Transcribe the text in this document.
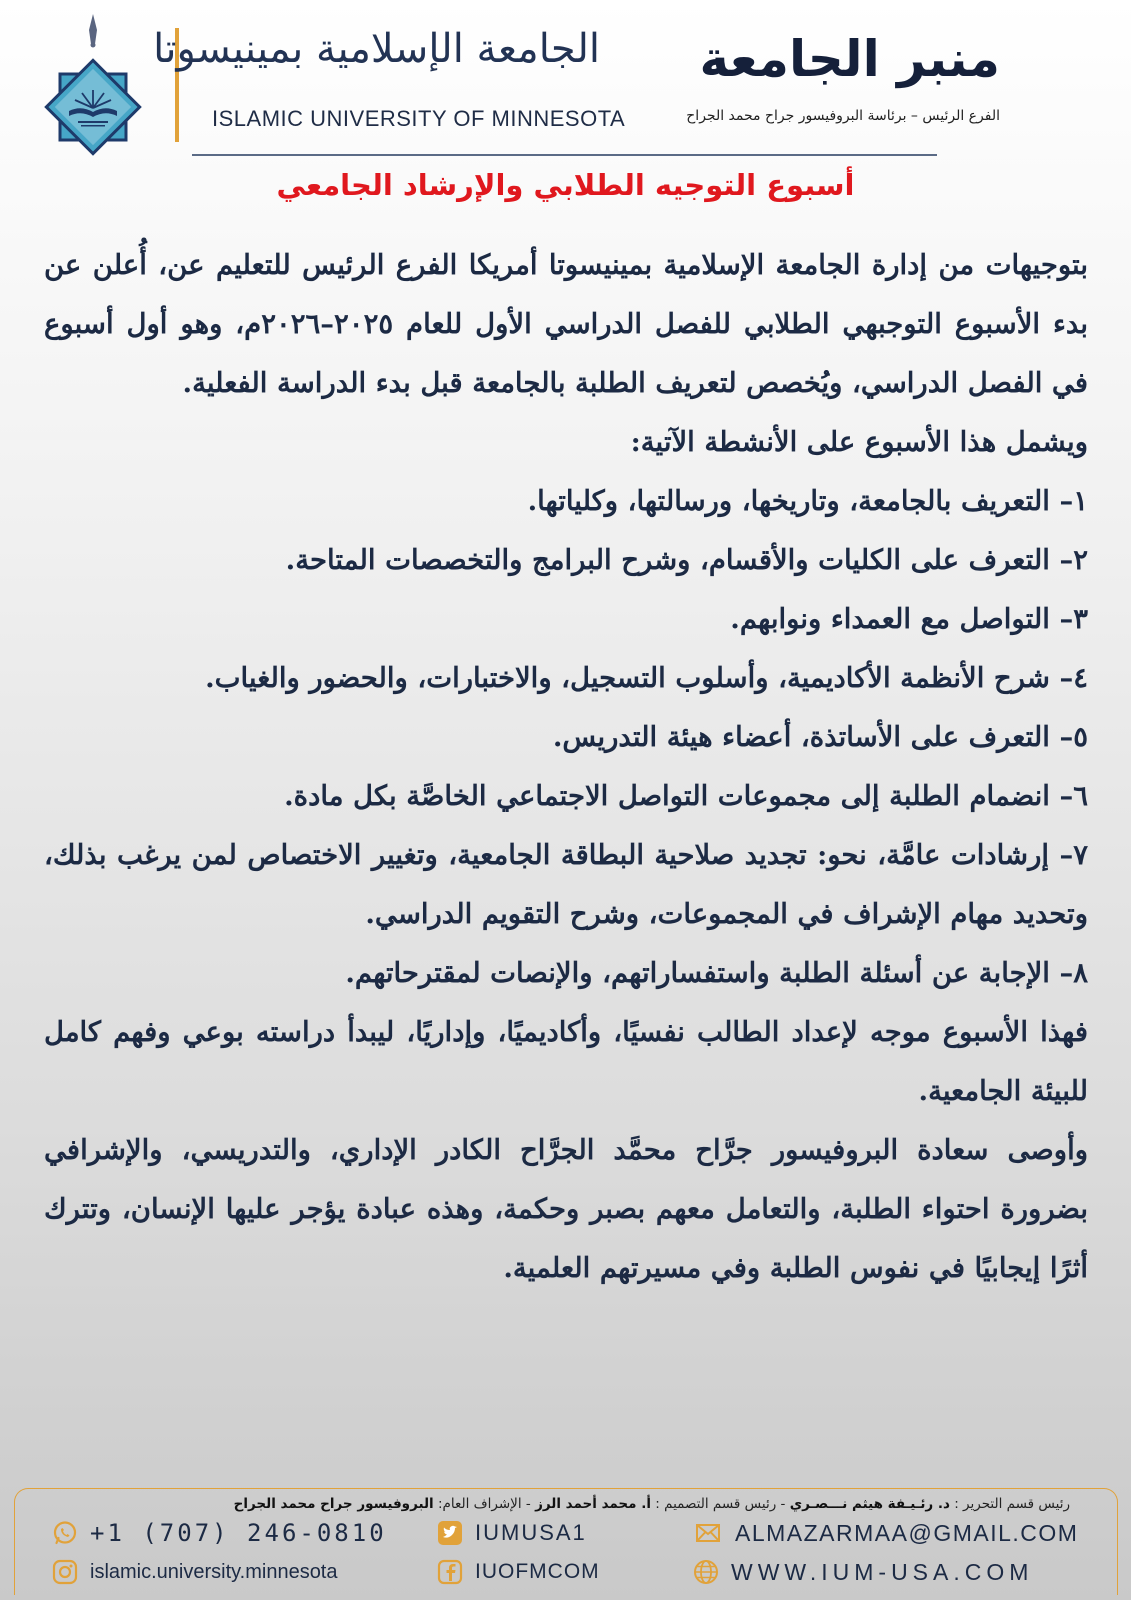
الجامعة الإسلامية بمينيسوتا
ISLAMIC UNIVERSITY OF MINNESOTA
منبر الجامعة
الفرع الرئيس – برئاسة البروفيسور جراح محمد الجراح
أسبوع التوجيه الطلابي والإرشاد الجامعي

بتوجيهات من إدارة الجامعة الإسلامية بمينيسوتا أمريكا الفرع الرئيس للتعليم عن، أُعلن عن بدء الأسبوع التوجبهي الطلابي للفصل الدراسي الأول للعام ٢٠٢٥–٢٠٢٦م، وهو أول أسبوع في الفصل الدراسي، ويُخصص لتعريف الطلبة بالجامعة قبل بدء الدراسة الفعلية.

ويشمل هذا الأسبوع على الأنشطة الآتية:

١– التعريف بالجامعة، وتاريخها، ورسالتها، وكلياتها.
٢– التعرف على الكليات والأقسام، وشرح البرامج والتخصصات المتاحة.
٣– التواصل مع العمداء ونوابهم.
٤– شرح الأنظمة الأكاديمية، وأسلوب التسجيل، والاختبارات، والحضور والغياب.
٥– التعرف على الأساتذة، أعضاء هيئة التدريس.
٦– انضمام الطلبة إلى مجموعات التواصل الاجتماعي الخاصَّة بكل مادة.
٧– إرشادات عامَّة، نحو: تجديد صلاحية البطاقة الجامعية، وتغيير الاختصاص لمن يرغب بذلك، وتحديد مهام الإشراف في المجموعات، وشرح التقويم الدراسي.
٨– الإجابة عن أسئلة الطلبة واستفساراتهم، والإنصات لمقترحاتهم.

فهذا الأسبوع موجه لإعداد الطالب نفسيًا، وأكاديميًا، وإداريًا، ليبدأ دراسته بوعي وفهم كامل للبيئة الجامعية.

وأوصى سعادة البروفيسور جرَّاح محمَّد الجرَّاح الكادر الإداري، والتدريسي، والإشرافي بضرورة احتواء الطلبة، والتعامل معهم بصبر وحكمة، وهذه عبادة يؤجر عليها الإنسان، وتترك أثرًا إيجابيًا في نفوس الطلبة وفي مسيرتهم العلمية.

رئيس قسم التحرير : د. رئـيـفة هيثم نـــصـري - رئيس قسم التصميم : أ. محمد أحمد الرز - الإشراف العام: البروفيسور جراح محمد الجراح
+1 (707) 246-0810
islamic.university.minnesota
IUMUSA1
IUOFMCOM
ALMAZARMAA@GMAIL.COM
WWW.IUM-USA.COM
